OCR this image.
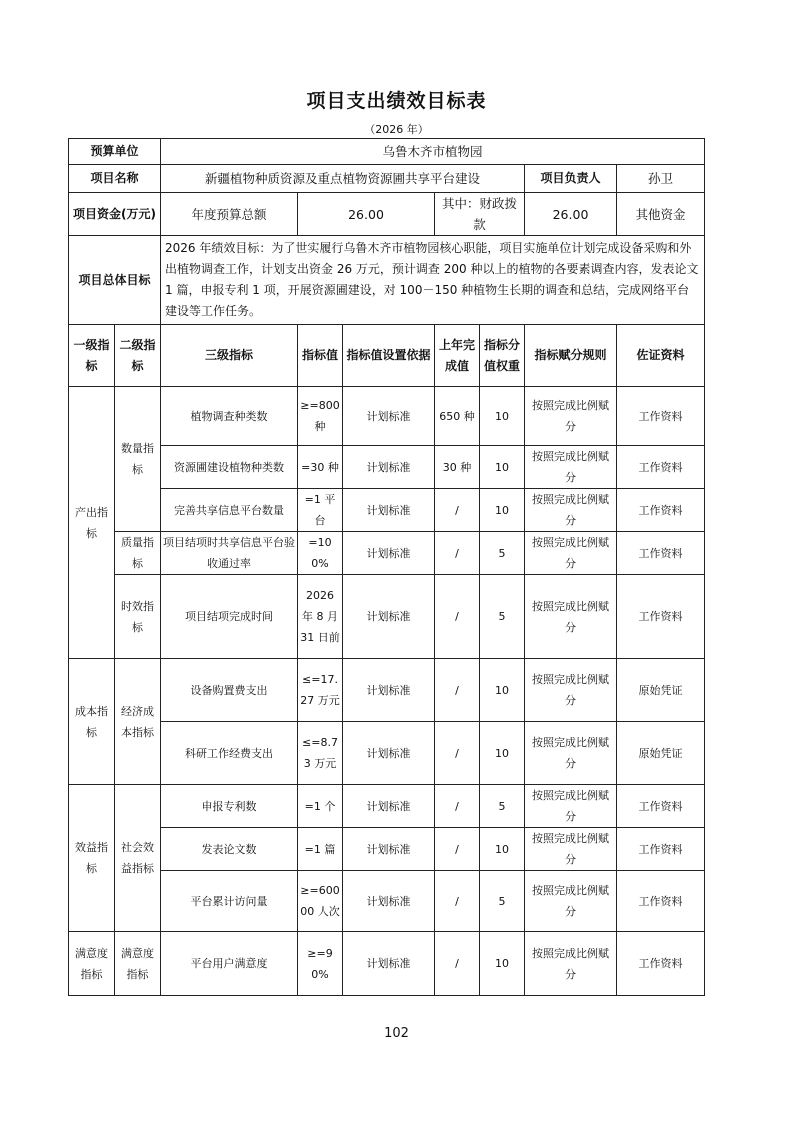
项目支出绩效目标表
（2026 年）
预算单位		乌鲁木齐市植物园						
项目名称		新疆植物种质资源及重点植物资源圃共享平台建设					项目负责人	孙卫
项目资金(万元)		年度预算总额	26.00		其中：财政拨款		26.00	其他资金
项目总体目标		2026 年绩效目标：为了世实履行乌鲁木齐市植物园核心职能，项目实施单位计划完成设备采购和外出植物调查工作，计划支出资金 26 万元，预计调查 200 种以上的植物的各要素调查内容，发表论文 1 篇，申报专利 1 项，开展资源圃建设，对 100－150 种植物生长期的调查和总结，完成网络平台建设等工作任务。						
一级指标	二级指标	三级指标	指标值	指标值设置依据	上年完成值	指标分值权重	指标赋分规则	佐证资料
产出指标	数量指标	植物调查种类数	≥=800 种	计划标准	650 种	10	按照完成比例赋分	工作资料
		资源圃建设植物种类数	=30 种	计划标准	30 种	10	按照完成比例赋分	工作资料
		完善共享信息平台数量	=1 平台	计划标准	/	10	按照完成比例赋分	工作资料
	质量指标	项目结项时共享信息平台验收通过率	=100%	计划标准	/	5	按照完成比例赋分	工作资料
	时效指标	项目结项完成时间	2026 年 8 月 31 日前	计划标准	/	5	按照完成比例赋分	工作资料
成本指标	经济成本指标	设备购置费支出	≤=17.27 万元	计划标准	/	10	按照完成比例赋分	原始凭证
		科研工作经费支出	≤=8.73 万元	计划标准	/	10	按照完成比例赋分	原始凭证
效益指标	社会效益指标	申报专利数	=1 个	计划标准	/	5	按照完成比例赋分	工作资料
		发表论文数	=1 篇	计划标准	/	10	按照完成比例赋分	工作资料
		平台累计访问量	≥=60000 人次	计划标准	/	5	按照完成比例赋分	工作资料
满意度指标	满意度指标	平台用户满意度	≥=90%	计划标准	/	10	按照完成比例赋分	工作资料
102
